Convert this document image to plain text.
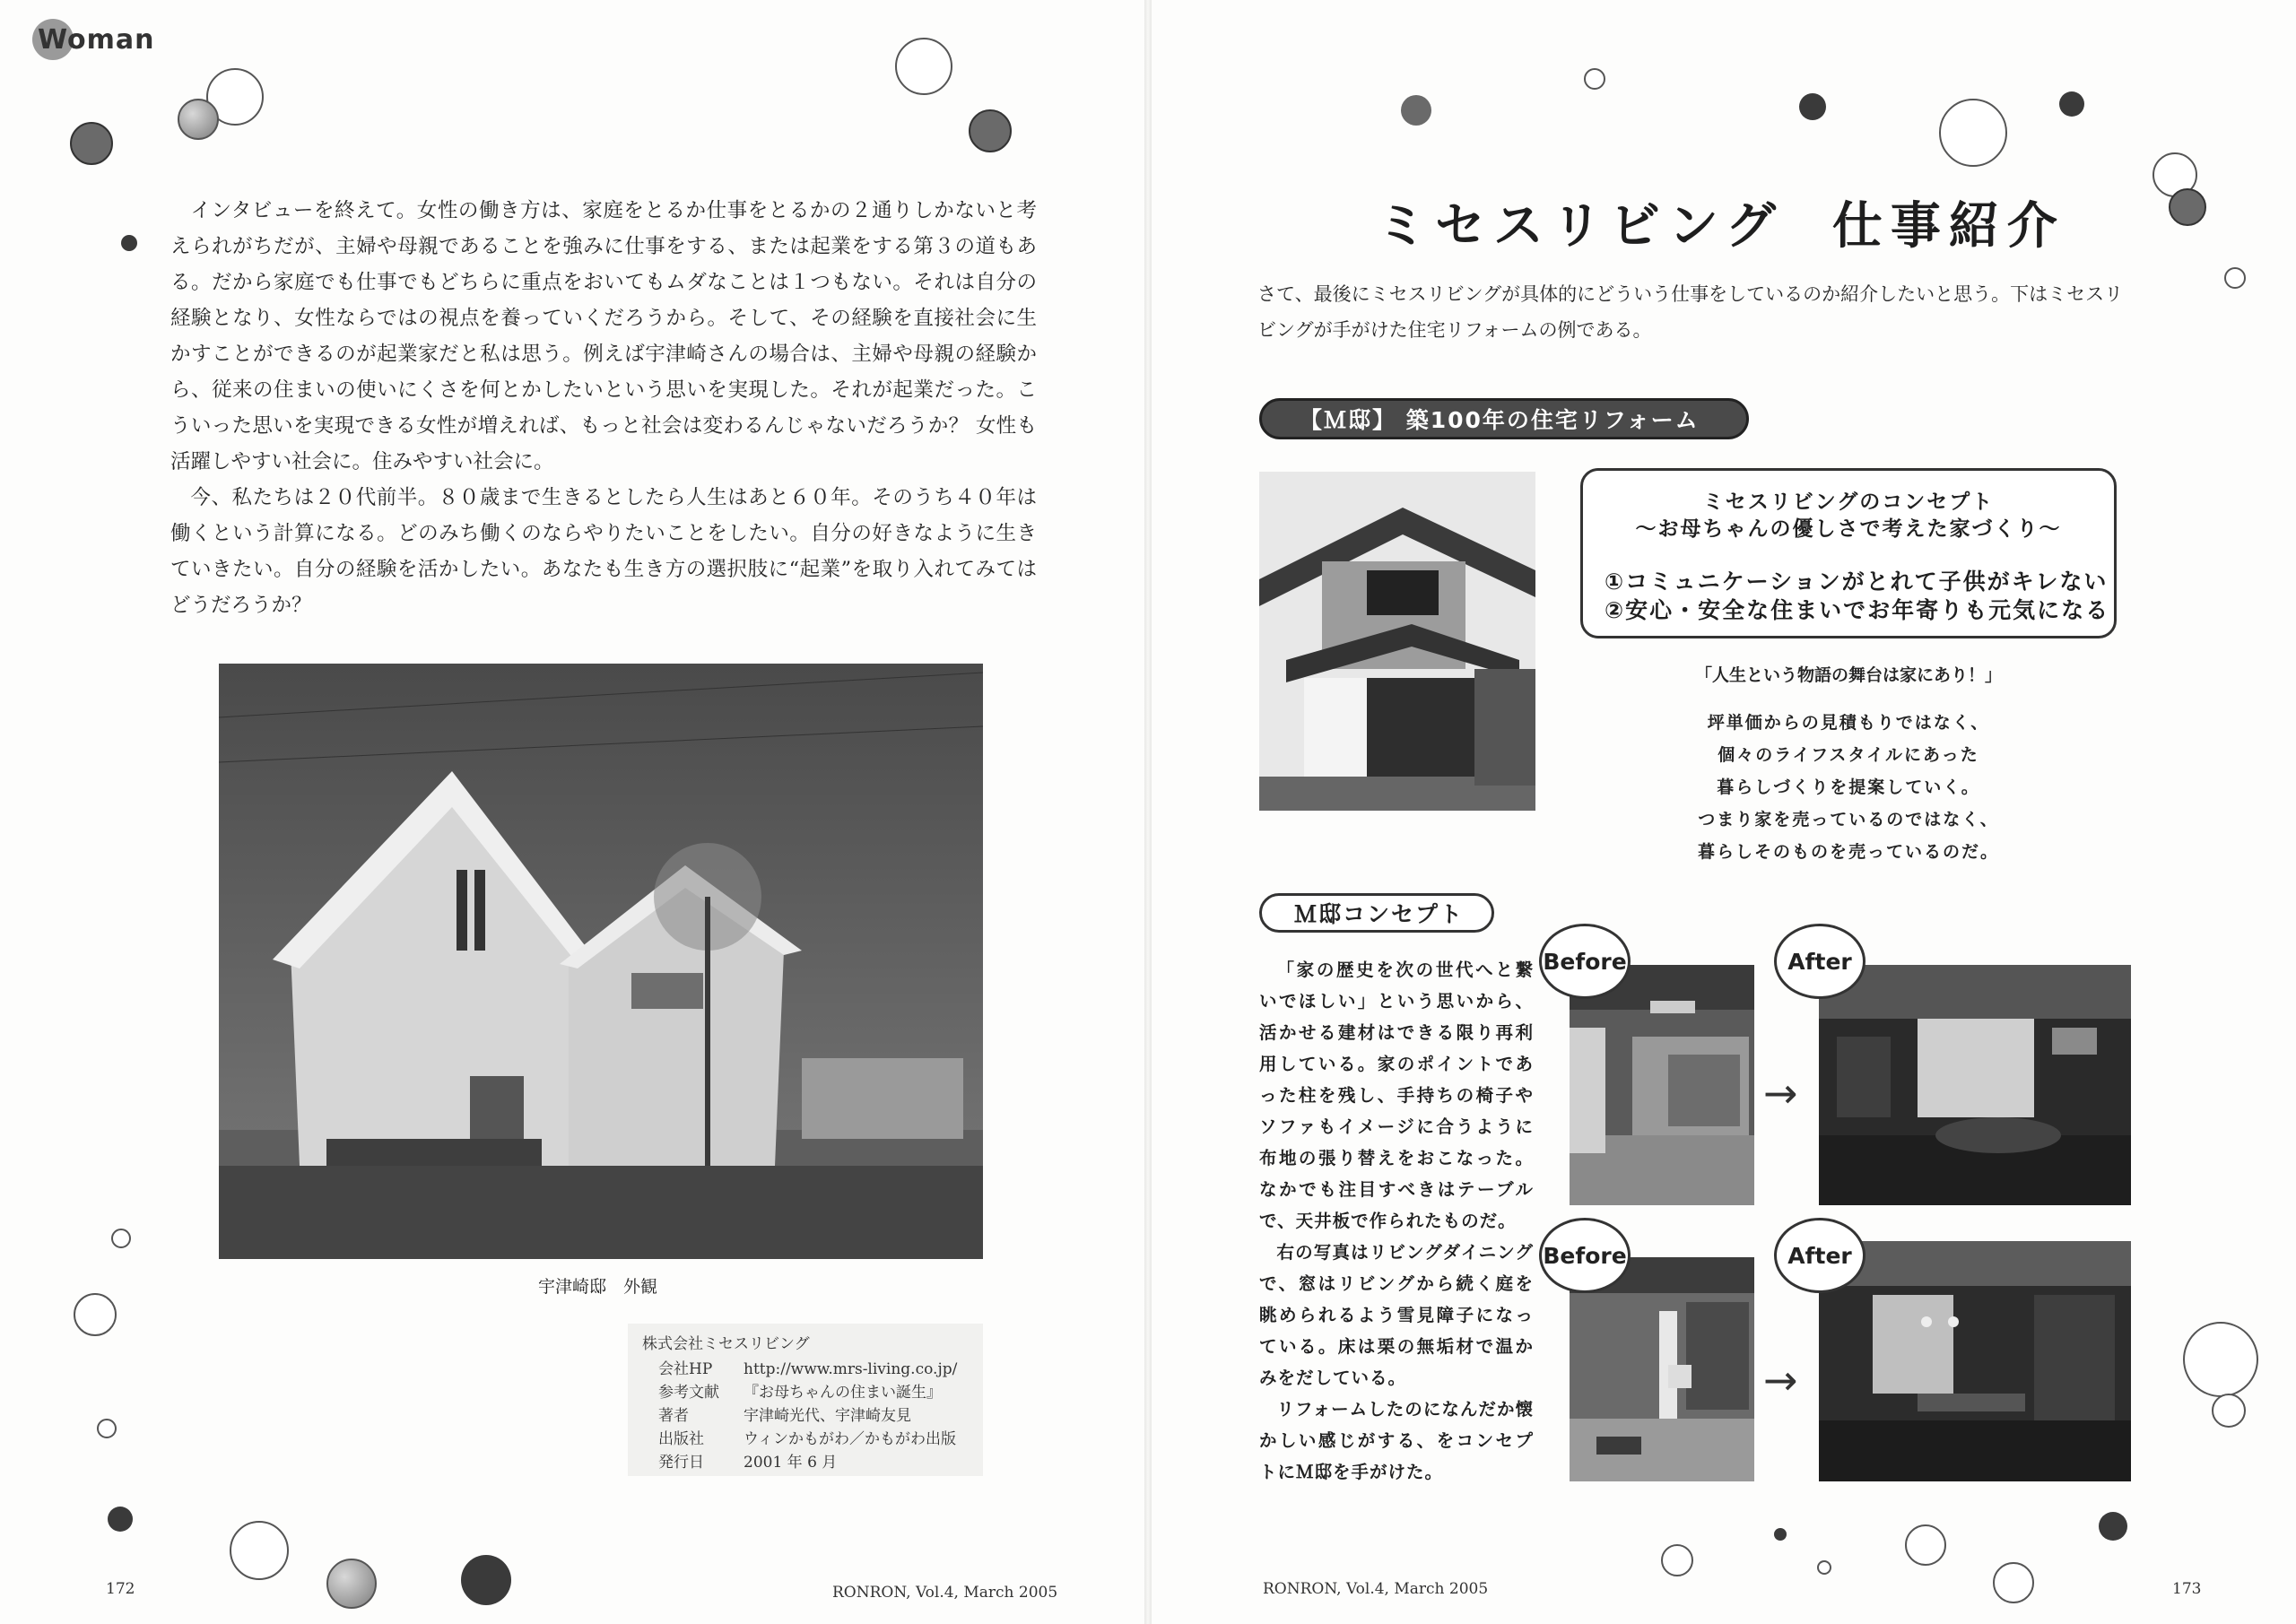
Woman

インタビューを終えて。女性の働き方は、家庭をとるか仕事をとるかの２通りしかないと考えられがちだが、主婦や母親であることを強みに仕事をする、または起業をする第３の道もある。だから家庭でも仕事でもどちらに重点をおいてもムダなことは１つもない。それは自分の経験となり、女性ならではの視点を養っていくだろうから。そして、その経験を直接社会に生かすことができるのが起業家だと私は思う。例えば宇津崎さんの場合は、主婦や母親の経験から、従来の住まいの使いにくさを何とかしたいという思いを実現した。それが起業だった。こういった思いを実現できる女性が増えれば、もっと社会は変わるんじゃないだろうか？ 女性も活躍しやすい社会に。住みやすい社会に。

今、私たちは２０代前半。８０歳まで生きるとしたら人生はあと６０年。そのうち４０年は働くという計算になる。どのみち働くのならやりたいことをしたい。自分の好きなように生きていきたい。自分の経験を活かしたい。あなたも生き方の選択肢に“起業”を取り入れてみてはどうだろうか？

宇津崎邸　外観
株式会社ミセスリビング
会社HP http://www.mrs-living.co.jp/
参考文献 『お母ちゃんの住まい誕生』
著者	宇津崎光代、宇津崎友見
出版社	ウィンかもがわ／かもがわ出版
発行日	2001 年 6 月
172	RONRON, Vol.4, March 2005
ミセスリビング 仕事紹介
さて、最後にミセスリビングが具体的にどういう仕事をしているのか紹介したいと思う。下はミセスリビングが手がけた住宅リフォームの例である。
【Ｍ邸】 築100年の住宅リフォーム
ミセスリビングのコンセプト
～お母ちゃんの優しさで考えた家づくり～
①コミュニケーションがとれて子供がキレない
②安心・安全な住まいでお年寄りも元気になる
「人生という物語の舞台は家にあり！」
坪単価からの見積もりではなく、
個々のライフスタイルにあった
暮らしづくりを提案していく。
つまり家を売っているのではなく、
暮らしそのものを売っているのだ。
Ｍ邸コンセプト

「家の歴史を次の世代へと繋いでほしい」という思いから、活かせる建材はできる限り再利用している。家のポイントであった柱を残し、手持ちの椅子やソファもイメージに合うように布地の張り替えをおこなった。なかでも注目すべきはテーブルで、天井板で作られたものだ。

右の写真はリビングダイニングで、窓はリビングから続く庭を眺められるよう雪見障子になっている。床は栗の無垢材で温かみをだしている。

リフォームしたのになんだか懐かしい感じがする、をコンセプトにＭ邸を手がけた。

Before	After
→
Before	After
→
RONRON, Vol.4, March 2005	173
